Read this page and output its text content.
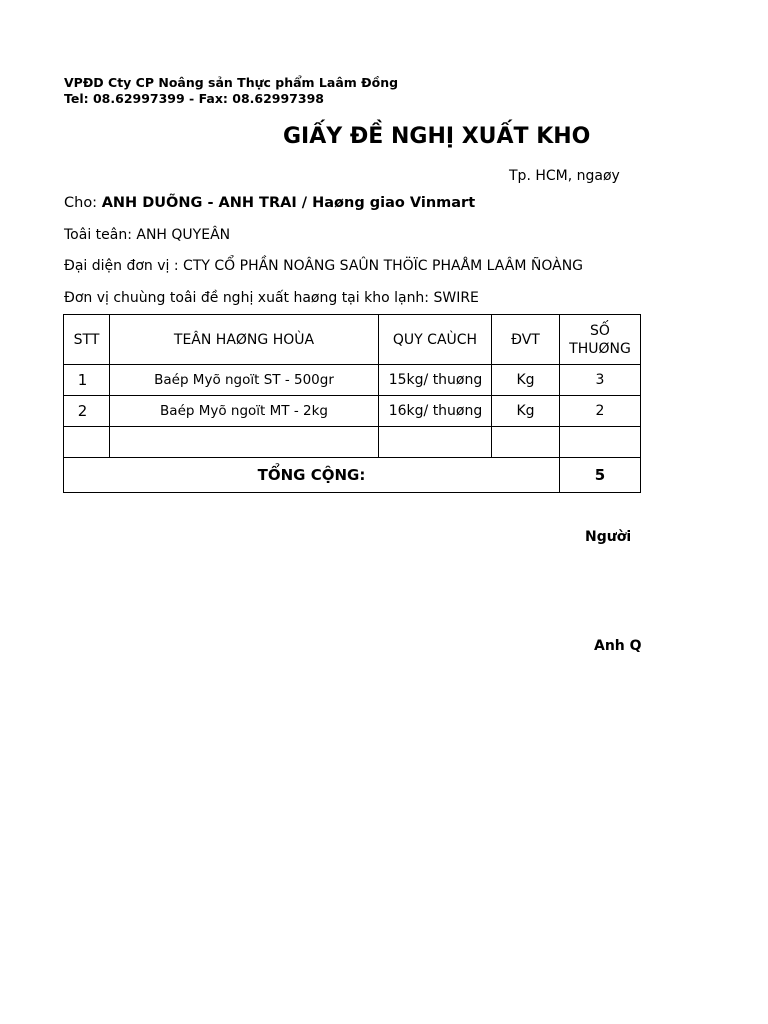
VPĐD Cty CP Noâng sản Thực phẩm Laâm Đồng
Tel: 08.62997399 - Fax: 08.62997398
GIẤY ĐỀ NGHỊ XUẤT KHO
Tp. HCM, ngaøy
Cho: ANH DUÕNG - ANH TRAI / Haøng giao Vinmart
Toâi teân: ANH QUYEÂN
Đại diện đơn vị : CTY CỔ PHẦN NOÂNG SAÛN THÖÏC PHAÅM LAÂM ÑOÀNG
Đơn vị chuùng toâi đề nghị xuất haøng tại kho lạnh: SWIRE
STT	TEÂN HAØNG HOÙA	QUY CAÙCH	ĐVT	SỐ
THUØNG

1	Baép Myõ ngoït ST - 500gr	15kg/ thuøng	Kg	3
2	Baép Myõ ngoït MT - 2kg	16kg/ thuøng	Kg	2

TỔNG CỘNG:				5
Người
Anh Q
